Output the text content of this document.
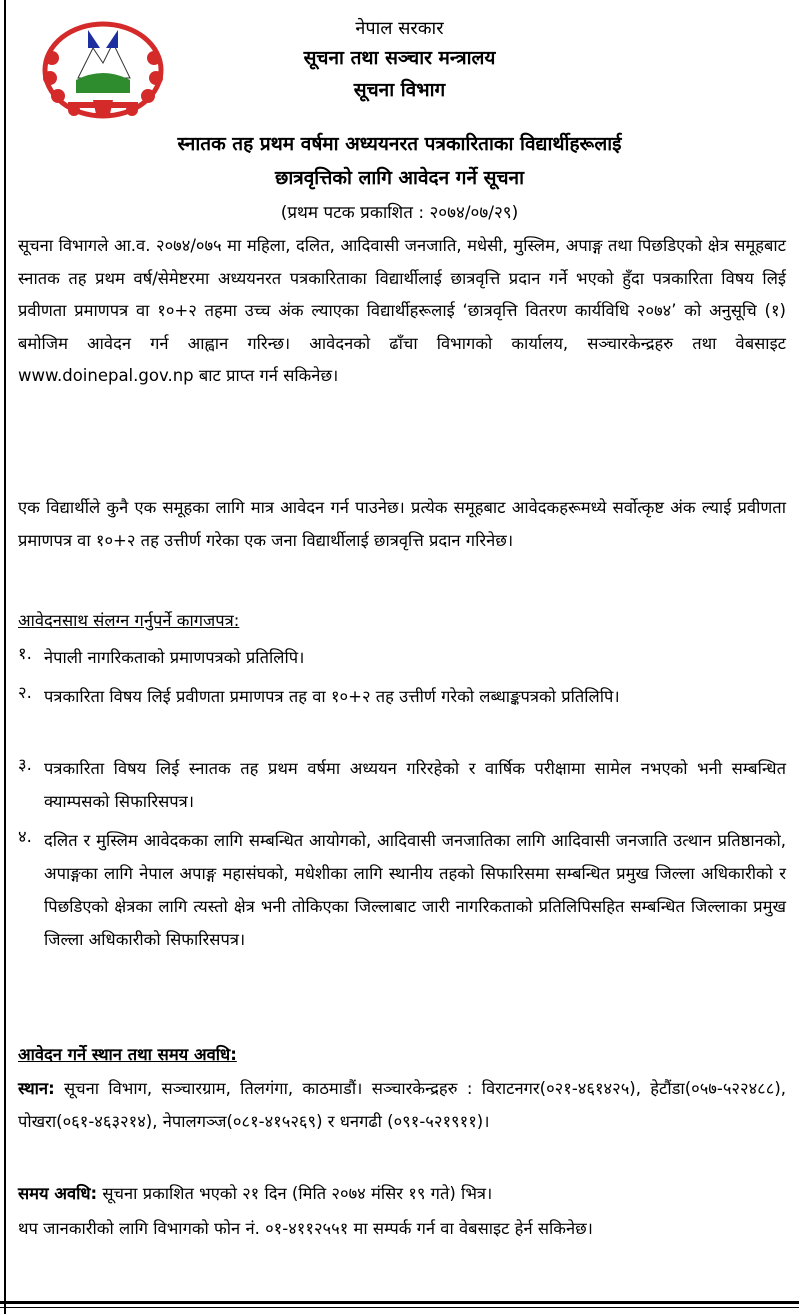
नेपाल सरकार
सूचना तथा सञ्चार मन्त्रालय
सूचना विभाग
स्नातक तह प्रथम वर्षमा अध्ययनरत पत्रकारिताका विद्यार्थीहरूलाई
छात्रवृत्तिको लागि आवेदन गर्ने सूचना
(प्रथम पटक प्रकाशित : २०७४/०७/२९)

सूचना विभागले आ.व. २०७४/०७५ मा महिला, दलित, आदिवासी जनजाति, मधेसी, मुस्लिम, अपाङ्ग तथा पिछडिएको क्षेत्र समूहबाट स्नातक तह प्रथम वर्ष/सेमेष्टरमा अध्ययनरत पत्रकारिताका विद्यार्थीलाई छात्रवृत्ति प्रदान गर्ने भएको हुँदा पत्रकारिता विषय लिई प्रवीणता प्रमाणपत्र वा १०+२ तहमा उच्च अंक ल्याएका विद्यार्थीहरूलाई ‘छात्रवृत्ति वितरण कार्यविधि २०७४’ को अनुसूचि (१) बमोजिम आवेदन गर्न आह्वान गरिन्छ। आवेदनको ढाँचा विभागको कार्यालय, सञ्चारकेन्द्रहरु तथा वेबसाइट www.doinepal.gov.np बाट प्राप्त गर्न सकिनेछ।

एक विद्यार्थीले कुनै एक समूहका लागि मात्र आवेदन गर्न पाउनेछ। प्रत्येक समूहबाट आवेदकहरूमध्ये सर्वोत्कृष्ट अंक ल्याई प्रवीणता प्रमाणपत्र वा १०+२ तह उत्तीर्ण गरेका एक जना विद्यार्थीलाई छात्रवृत्ति प्रदान गरिनेछ।

आवेदनसाथ संलग्न गर्नुपर्ने कागजपत्र:
१. नेपाली नागरिकताको प्रमाणपत्रको प्रतिलिपि।
२. पत्रकारिता विषय लिई प्रवीणता प्रमाणपत्र तह वा १०+२ तह उत्तीर्ण गरेको लब्धाङ्कपत्रको प्रतिलिपि।
३. पत्रकारिता विषय लिई स्नातक तह प्रथम वर्षमा अध्ययन गरिरहेको र वार्षिक परीक्षामा सामेल नभएको भनी सम्बन्धित क्याम्पसको सिफारिसपत्र।
४. दलित र मुस्लिम आवेदकका लागि सम्बन्धित आयोगको, आदिवासी जनजातिका लागि आदिवासी जनजाति उत्थान प्रतिष्ठानको, अपाङ्गका लागि नेपाल अपाङ्ग महासंघको, मधेशीका लागि स्थानीय तहको सिफारिसमा सम्बन्धित प्रमुख जिल्ला अधिकारीको र पिछडिएको क्षेत्रका लागि त्यस्तो क्षेत्र भनी तोकिएका जिल्लाबाट जारी नागरिकताको प्रतिलिपिसहित सम्बन्धित जिल्लाका प्रमुख जिल्ला अधिकारीको सिफारिसपत्र।
आवेदन गर्ने स्थान तथा समय अवधि:

स्थान: सूचना विभाग, सञ्चारग्राम, तिलगंगा, काठमाडौं। सञ्चारकेन्द्रहरु : विराटनगर(०२१-४६१४२५), हेटौंडा(०५७-५२२४८८), पोखरा(०६१-४६३२१४), नेपालगञ्ज(०८१-४१५२६९) र धनगढी (०९१-५२१९११)।

समय अवधि: सूचना प्रकाशित भएको २१ दिन (मिति २०७४ मंसिर १९ गते) भित्र।

थप जानकारीको लागि विभागको फोन नं. ०१-४११२५५१ मा सम्पर्क गर्न वा वेबसाइट हेर्न सकिनेछ।
